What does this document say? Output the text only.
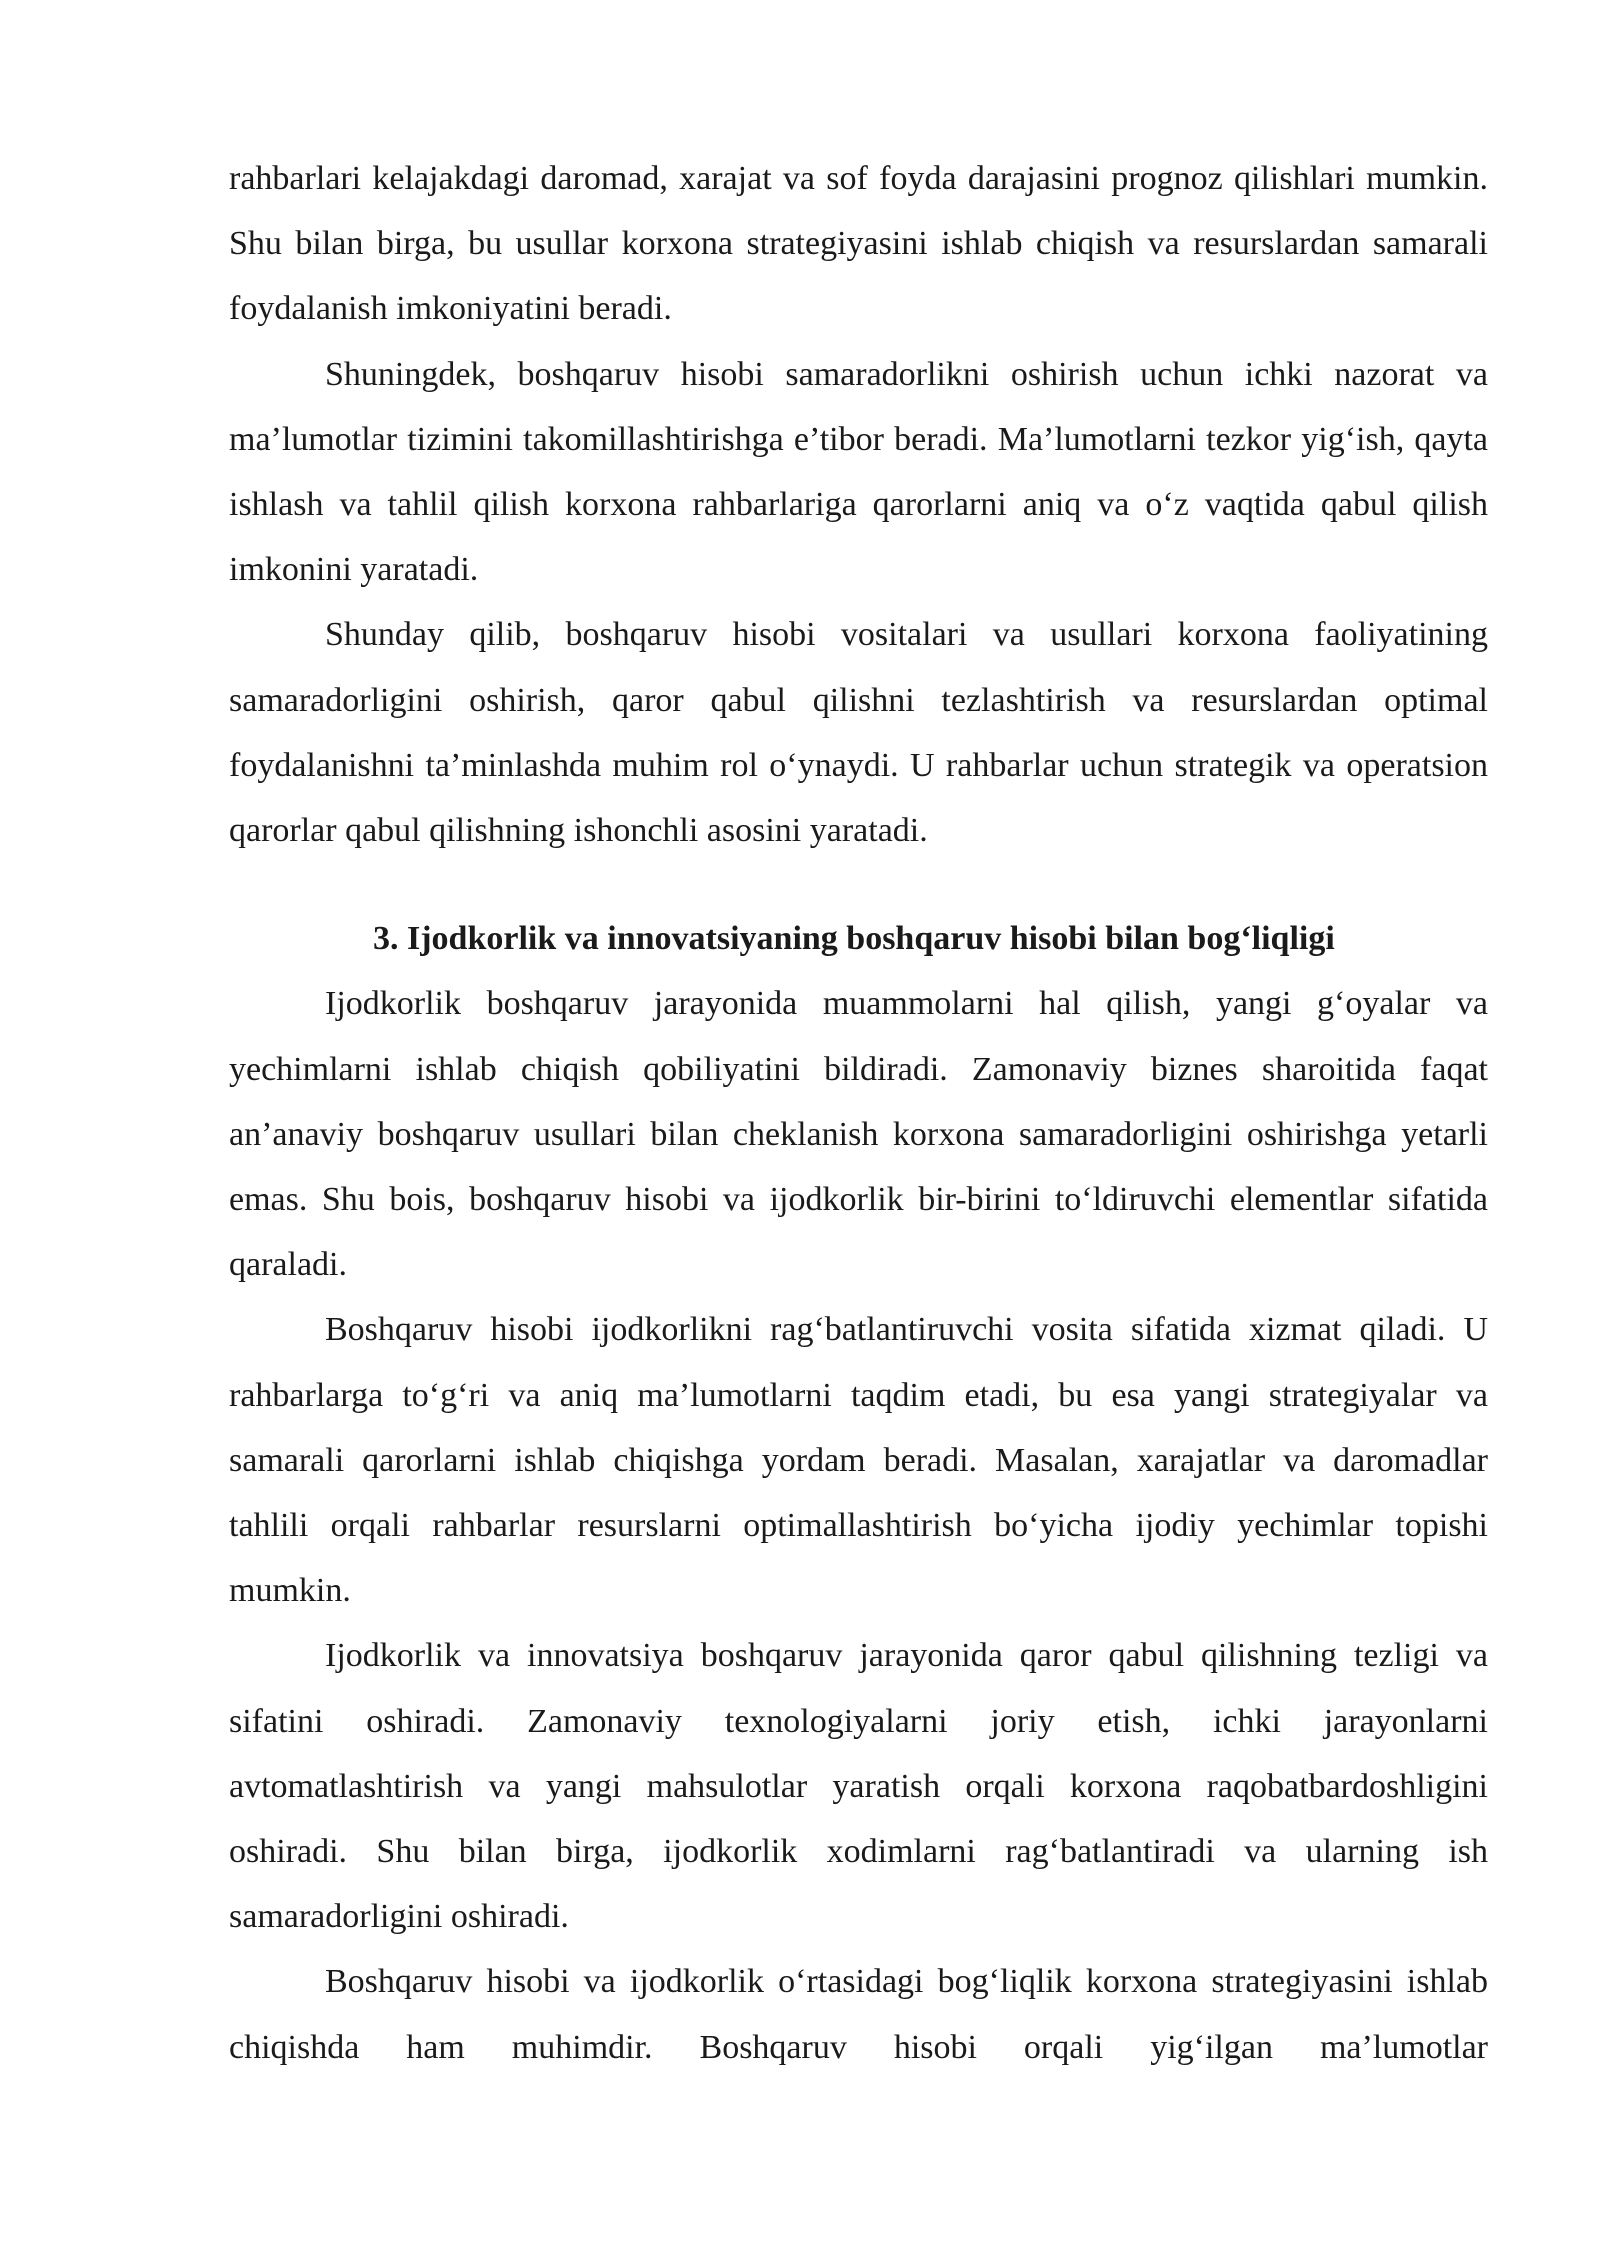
rahbarlari kelajakdagi daromad, xarajat va sof foyda darajasini prognoz qilishlari mumkin. Shu bilan birga, bu usullar korxona strategiyasini ishlab chiqish va resurslardan samarali foydalanish imkoniyatini beradi.

Shuningdek, boshqaruv hisobi samaradorlikni oshirish uchun ichki nazorat va ma’lumotlar tizimini takomillashtirishga e’tibor beradi. Ma’lumotlarni tezkor yig‘ish, qayta ishlash va tahlil qilish korxona rahbarlariga qarorlarni aniq va o‘z vaqtida qabul qilish imkonini yaratadi.

Shunday qilib, boshqaruv hisobi vositalari va usullari korxona faoliyatining samaradorligini oshirish, qaror qabul qilishni tezlashtirish va resurslardan optimal foydalanishni ta’minlashda muhim rol o‘ynaydi. U rahbarlar uchun strategik va operatsion qarorlar qabul qilishning ishonchli asosini yaratadi.

3. Ijodkorlik va innovatsiyaning boshqaruv hisobi bilan bog‘liqligi

Ijodkorlik boshqaruv jarayonida muammolarni hal qilish, yangi g‘oyalar va yechimlarni ishlab chiqish qobiliyatini bildiradi. Zamonaviy biznes sharoitida faqat an’anaviy boshqaruv usullari bilan cheklanish korxona samaradorligini oshirishga yetarli emas. Shu bois, boshqaruv hisobi va ijodkorlik bir-birini to‘ldiruvchi elementlar sifatida qaraladi.

Boshqaruv hisobi ijodkorlikni rag‘batlantiruvchi vosita sifatida xizmat qiladi. U rahbarlarga to‘g‘ri va aniq ma’lumotlarni taqdim etadi, bu esa yangi strategiyalar va samarali qarorlarni ishlab chiqishga yordam beradi. Masalan, xarajatlar va daromadlar tahlili orqali rahbarlar resurslarni optimallashtirish bo‘yicha ijodiy yechimlar topishi mumkin.

Ijodkorlik va innovatsiya boshqaruv jarayonida qaror qabul qilishning tezligi va sifatini oshiradi. Zamonaviy texnologiyalarni joriy etish, ichki jarayonlarni avtomatlashtirish va yangi mahsulotlar yaratish orqali korxona raqobatbardoshligini oshiradi. Shu bilan birga, ijodkorlik xodimlarni rag‘batlantiradi va ularning ish samaradorligini oshiradi.

Boshqaruv hisobi va ijodkorlik o‘rtasidagi bog‘liqlik korxona strategiyasini ishlab chiqishda ham muhimdir. Boshqaruv hisobi orqali yig‘ilgan ma’lumotlar
